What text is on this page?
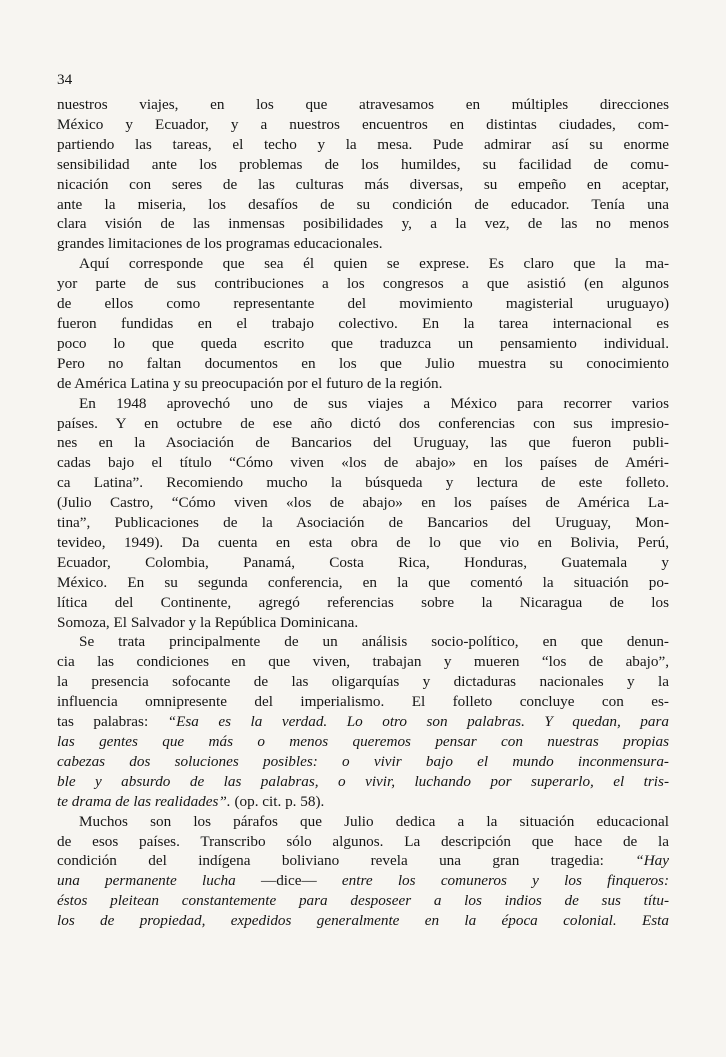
34
nuestros viajes, en los que atravesamos en múltiples direcciones
México y Ecuador, y a nuestros encuentros en distintas ciudades, com-
partiendo las tareas, el techo y la mesa. Pude admirar así su enorme
sensibilidad ante los problemas de los humildes, su facilidad de comu-
nicación con seres de las culturas más diversas, su empeño en aceptar,
ante la miseria, los desafíos de su condición de educador. Tenía una
clara visión de las inmensas posibilidades y, a la vez, de las no menos
grandes limitaciones de los programas educacionales.
Aquí corresponde que sea él quien se exprese. Es claro que la ma-
yor parte de sus contribuciones a los congresos a que asistió (en algunos
de ellos como representante del movimiento magisterial uruguayo)
fueron fundidas en el trabajo colectivo. En la tarea internacional es
poco lo que queda escrito que traduzca un pensamiento individual.
Pero no faltan documentos en los que Julio muestra su conocimiento
de América Latina y su preocupación por el futuro de la región.
En 1948 aprovechó uno de sus viajes a México para recorrer varios
países. Y en octubre de ese año dictó dos conferencias con sus impresio-
nes en la Asociación de Bancarios del Uruguay, las que fueron publi-
cadas bajo el título “Cómo viven «los de abajo» en los países de Améri-
ca Latina”. Recomiendo mucho la búsqueda y lectura de este folleto.
(Julio Castro, “Cómo viven «los de abajo» en los países de América La-
tina”, Publicaciones de la Asociación de Bancarios del Uruguay, Mon-
tevideo, 1949). Da cuenta en esta obra de lo que vio en Bolivia, Perú,
Ecuador, Colombia, Panamá, Costa Rica, Honduras, Guatemala y
México. En su segunda conferencia, en la que comentó la situación po-
lítica del Continente, agregó referencias sobre la Nicaragua de los
Somoza, El Salvador y la República Dominicana.
Se trata principalmente de un análisis socio-político, en que denun-
cia las condiciones en que viven, trabajan y mueren “los de abajo”,
la presencia sofocante de las oligarquías y dictaduras nacionales y la
influencia omnipresente del imperialismo. El folleto concluye con es-
tas palabras: “Esa es la verdad. Lo otro son palabras. Y quedan, para
las gentes que más o menos queremos pensar con nuestras propias
cabezas dos soluciones posibles: o vivir bajo el mundo inconmensura-
ble y absurdo de las palabras, o vivir, luchando por superarlo, el tris-
te drama de las realidades”. (op. cit. p. 58).
Muchos son los párafos que Julio dedica a la situación educacional
de esos países. Transcribo sólo algunos. La descripción que hace de la
condición del indígena boliviano revela una gran tragedia: “Hay
una permanente lucha —dice— entre los comuneros y los finqueros:
éstos pleitean constantemente para desposeer a los indios de sus títu-
los de propiedad, expedidos generalmente en la época colonial. Esta
